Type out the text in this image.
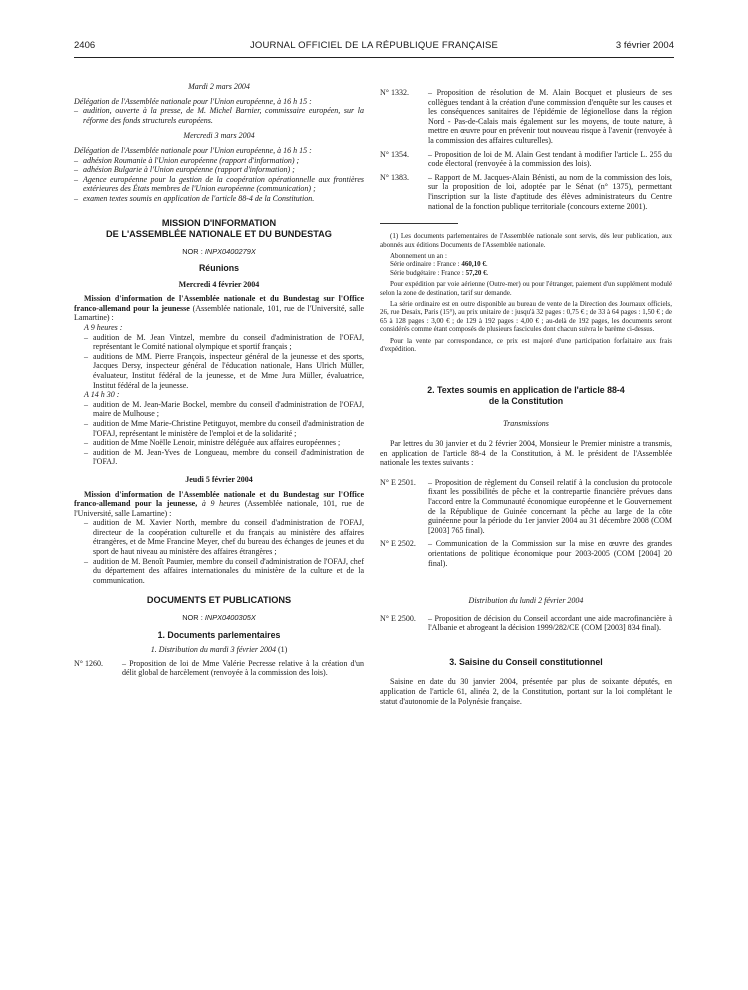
2406	JOURNAL OFFICIEL DE LA RÉPUBLIQUE FRANÇAISE	3 février 2004

Mardi 2 mars 2004

Délégation de l'Assemblée nationale pour l'Union européenne, à 16 h 15 :

– audition, ouverte à la presse, de M. Michel Barnier, commissaire européen, sur la réforme des fonds structurels européens.

Mercredi 3 mars 2004

Délégation de l'Assemblée nationale pour l'Union européenne, à 16 h 15 :

– adhésion Roumanie à l'Union européenne (rapport d'information) ;

– adhésion Bulgarie à l'Union européenne (rapport d'information) ;

– Agence européenne pour la gestion de la coopération opérationnelle aux frontières extérieures des États membres de l'Union européenne (communication) ;

– examen textes soumis en application de l'article 88-4 de la Constitution.

MISSION D'INFORMATION

DE L'ASSEMBLÉE NATIONALE ET DU BUNDESTAG

NOR : INPX0400279X

Réunions

Mercredi 4 février 2004

Mission d'information de l'Assemblée nationale et du Bundestag sur l'Office franco-allemand pour la jeunesse (Assemblée nationale, 101, rue de l'Université, salle Lamartine) :

A 9 heures :

– audition de M. Jean Vintzel, membre du conseil d'administration de l'OFAJ, représentant le Comité national olympique et sportif français ;

– auditions de MM. Pierre François, inspecteur général de la jeunesse et des sports, Jacques Dersy, inspecteur général de l'éducation nationale, Hans Ulrich Müller, évaluateur, Institut fédéral de la jeunesse, et de Mme Jura Müller, évaluatrice, Institut fédéral de la jeunesse.

A 14 h 30 :

– audition de M. Jean-Marie Bockel, membre du conseil d'administration de l'OFAJ, maire de Mulhouse ;

– audition de Mme Marie-Christine Petitguyot, membre du conseil d'administration de l'OFAJ, représentant le ministère de l'emploi et de la solidarité ;

– audition de Mme Noëlle Lenoir, ministre déléguée aux affaires européennes ;

– audition de M. Jean-Yves de Longueau, membre du conseil d'administration de l'OFAJ.

Jeudi 5 février 2004

Mission d'information de l'Assemblée nationale et du Bundestag sur l'Office franco-allemand pour la jeunesse, à 9 heures (Assemblée nationale, 101, rue de l'Université, salle Lamartine) :

– audition de M. Xavier North, membre du conseil d'administration de l'OFAJ, directeur de la coopération culturelle et du français au ministère des affaires étrangères, et de Mme Francine Meyer, chef du bureau des échanges de jeunes et du sport de haut niveau au ministère des affaires étrangères ;

– audition de M. Benoît Paumier, membre du conseil d'administration de l'OFAJ, chef du département des affaires internationales du ministère de la culture et de la communication.

DOCUMENTS ET PUBLICATIONS

NOR : INPX0400305X

1. Documents parlementaires

1. Distribution du mardi 3 février 2004 (1)

N° 1260. – Proposition de loi de Mme Valérie Pecresse relative à la création d'un délit global de harcèlement (renvoyée à la commission des lois).

N° 1332. – Proposition de résolution de M. Alain Bocquet et plusieurs de ses collègues tendant à la création d'une commission d'enquête sur les causes et les conséquences sanitaires de l'épidémie de légionellose dans la région Nord - Pas-de-Calais mais également sur les moyens, de toute nature, à mettre en œuvre pour en prévenir tout nouveau risque à l'avenir (renvoyée à la commission des affaires culturelles).

N° 1354. – Proposition de loi de M. Alain Gest tendant à modifier l'article L. 255 du code électoral (renvoyée à la commission des lois).

N° 1383. – Rapport de M. Jacques-Alain Bénisti, au nom de la commission des lois, sur la proposition de loi, adoptée par le Sénat (n° 1375), permettant l'inscription sur la liste d'aptitude des élèves administrateurs du Centre national de la fonction publique territoriale (concours externe 2001).

(1) Les documents parlementaires de l'Assemblée nationale sont servis, dès leur publication, aux abonnés aux éditions Documents de l'Assemblée nationale.

Abonnement un an :

Série ordinaire : France : 460,10 €.

Série budgétaire : France : 57,20 €.

Pour expédition par voie aérienne (Outre-mer) ou pour l'étranger, paiement d'un supplément modulé selon la zone de destination, tarif sur demande.

La série ordinaire est en outre disponible au bureau de vente de la Direction des Journaux officiels, 26, rue Desaix, Paris (15°), au prix unitaire de : jusqu'à 32 pages : 0,75 € ; de 33 à 64 pages : 1,50 € ; de 65 à 128 pages : 3,00 € ; de 129 à 192 pages : 4,00 € ; au-delà de 192 pages, les documents seront considérés comme étant composés de plusieurs fascicules dont chacun suivra le barème ci-dessus.

Pour la vente par correspondance, ce prix est majoré d'une participation forfaitaire aux frais d'expédition.

2. Textes soumis en application de l'article 88-4

de la Constitution

Transmissions

Par lettres du 30 janvier et du 2 février 2004, Monsieur le Premier ministre a transmis, en application de l'article 88-4 de la Constitution, à M. le président de l'Assemblée nationale les textes suivants :

N° E 2501. – Proposition de règlement du Conseil relatif à la conclusion du protocole fixant les possibilités de pêche et la contrepartie financière prévues dans l'accord entre la Communauté économique européenne et le Gouvernement de la République de Guinée concernant la pêche au large de la côte guinéenne pour la période du 1er janvier 2004 au 31 décembre 2008 (COM [2003] 765 final).

N° E 2502. – Communication de la Commission sur la mise en œuvre des grandes orientations de politique économique pour 2003-2005 (COM [2004] 20 final).

Distribution du lundi 2 février 2004

N° E 2500. – Proposition de décision du Conseil accordant une aide macrofinancière à l'Albanie et abrogeant la décision 1999/282/CE (COM [2003] 834 final).

3. Saisine du Conseil constitutionnel

Saisine en date du 30 janvier 2004, présentée par plus de soixante députés, en application de l'article 61, alinéa 2, de la Constitution, portant sur la loi complétant le statut d'autonomie de la Polynésie française.
